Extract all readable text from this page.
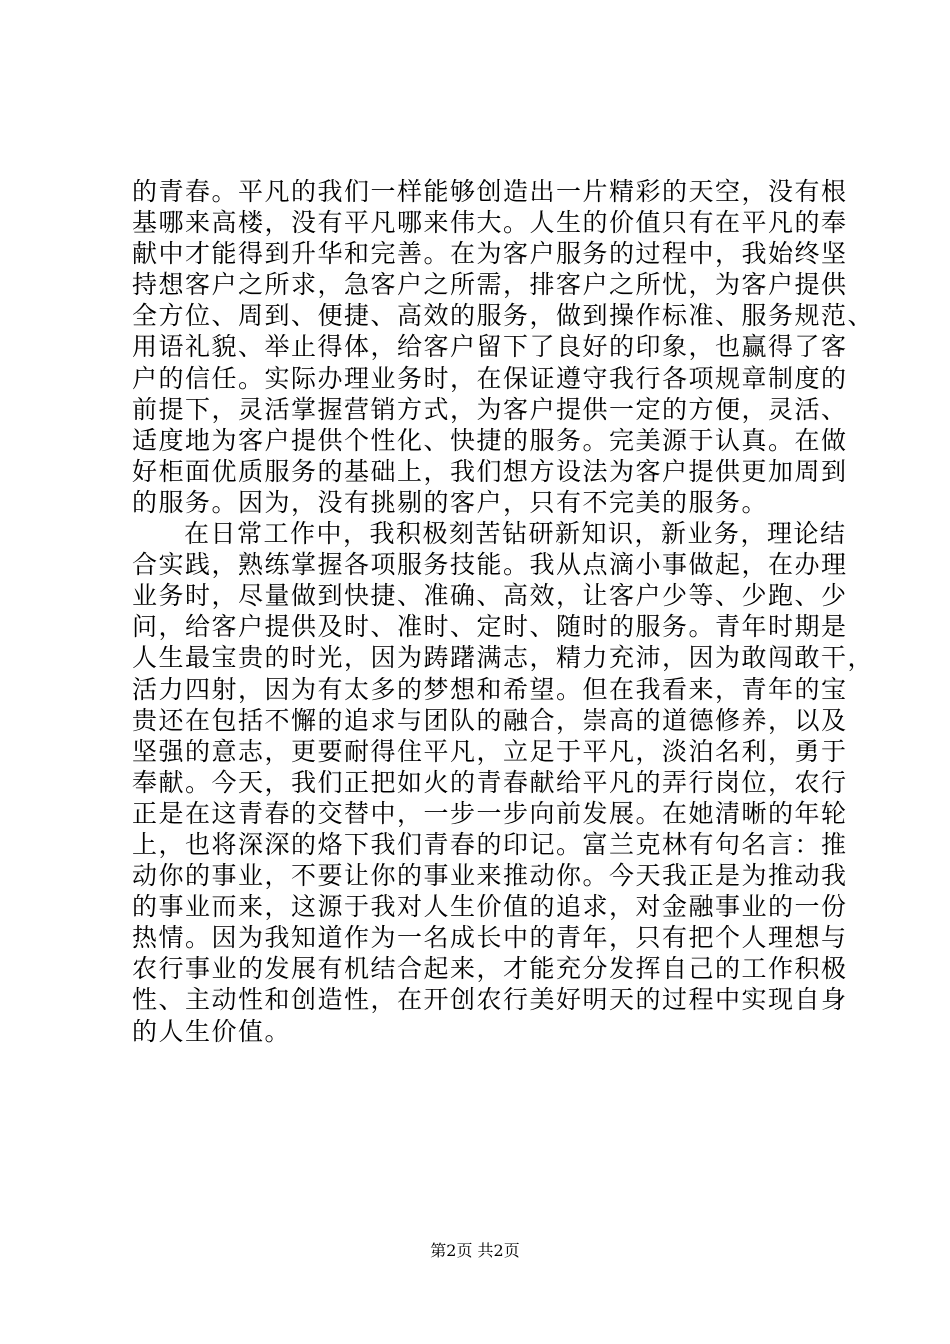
的青春。平凡的我们一样能够创造出一片精彩的天空，没有根
基哪来高楼，没有平凡哪来伟大。人生的价值只有在平凡的奉
献中才能得到升华和完善。在为客户服务的过程中，我始终坚
持想客户之所求，急客户之所需，排客户之所忧，为客户提供
全方位、周到、便捷、高效的服务，做到操作标准、服务规范、
用语礼貌、举止得体，给客户留下了良好的印象，也赢得了客
户的信任。实际办理业务时，在保证遵守我行各项规章制度的
前提下，灵活掌握营销方式，为客户提供一定的方便，灵活、
适度地为客户提供个性化、快捷的服务。完美源于认真。在做
好柜面优质服务的基础上，我们想方设法为客户提供更加周到
的服务。因为，没有挑剔的客户，只有不完美的服务。
在日常工作中，我积极刻苦钻研新知识，新业务，理论结
合实践，熟练掌握各项服务技能。我从点滴小事做起，在办理
业务时，尽量做到快捷、准确、高效，让客户少等、少跑、少
问，给客户提供及时、准时、定时、随时的服务。青年时期是
人生最宝贵的时光，因为踌躇满志，精力充沛，因为敢闯敢干，
活力四射，因为有太多的梦想和希望。但在我看来，青年的宝
贵还在包括不懈的追求与团队的融合，崇高的道德修养，以及
坚强的意志，更要耐得住平凡，立足于平凡，淡泊名利，勇于
奉献。今天，我们正把如火的青春献给平凡的弄行岗位，农行
正是在这青春的交替中，一步一步向前发展。在她清晰的年轮
上，也将深深的烙下我们青春的印记。富兰克林有句名言：推
动你的事业，不要让你的事业来推动你。今天我正是为推动我
的事业而来，这源于我对人生价值的追求，对金融事业的一份
热情。因为我知道作为一名成长中的青年，只有把个人理想与
农行事业的发展有机结合起来，才能充分发挥自己的工作积极
性、主动性和创造性，在开创农行美好明天的过程中实现自身
的人生价值。
第2页 共2页
